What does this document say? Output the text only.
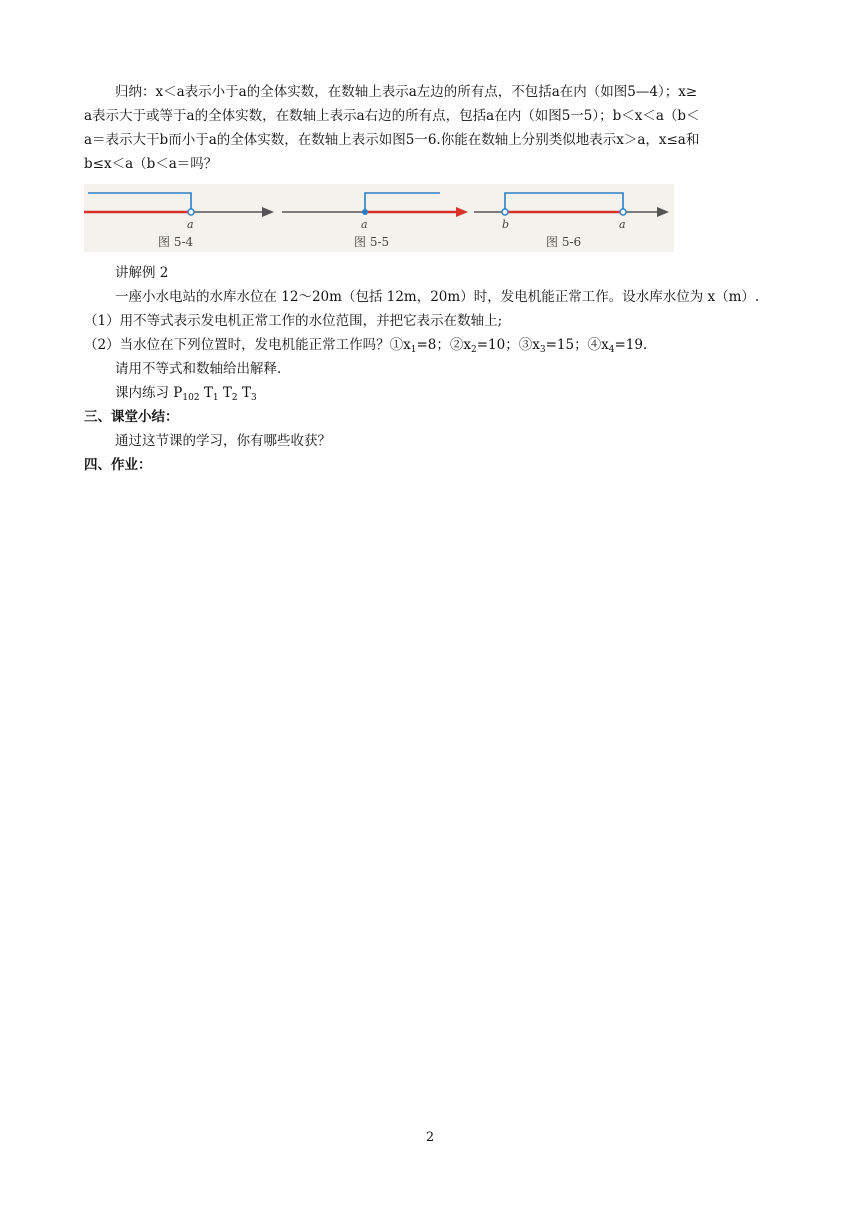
归纳：x＜a表示小于a的全体实数，在数轴上表示a左边的所有点，不包括a在内（如图5—4）；x≥
a表示大于或等于a的全体实数，在数轴上表示a右边的所有点，包括a在内（如图5一5）；b＜x＜a（b＜
a＝表示大干b而小于a的全体实数，在数轴上表示如图5一6.你能在数轴上分别类似地表示x＞a，x≤a和
b≤x＜a（b＜a＝吗？
a
图 5-4
a
图 5-5
b	a
图 5-6
讲解例 2
一座小水电站的水库水位在 12～20m（包括 12m，20m）时，发电机能正常工作。设水库水位为 x（m）.
（1）用不等式表示发电机正常工作的水位范围，并把它表示在数轴上;
（2）当水位在下列位置时，发电机能正常工作吗？$①x_1=8$；$②x_2=10$；$③x_3=15$；$④x_4=19$.
请用不等式和数轴给出解释.
课内练习 $P_{102}$ $T_1$ $T_2$ $T_3$
三、课堂小结：
通过这节课的学习，你有哪些收获？
四、作业：
2
